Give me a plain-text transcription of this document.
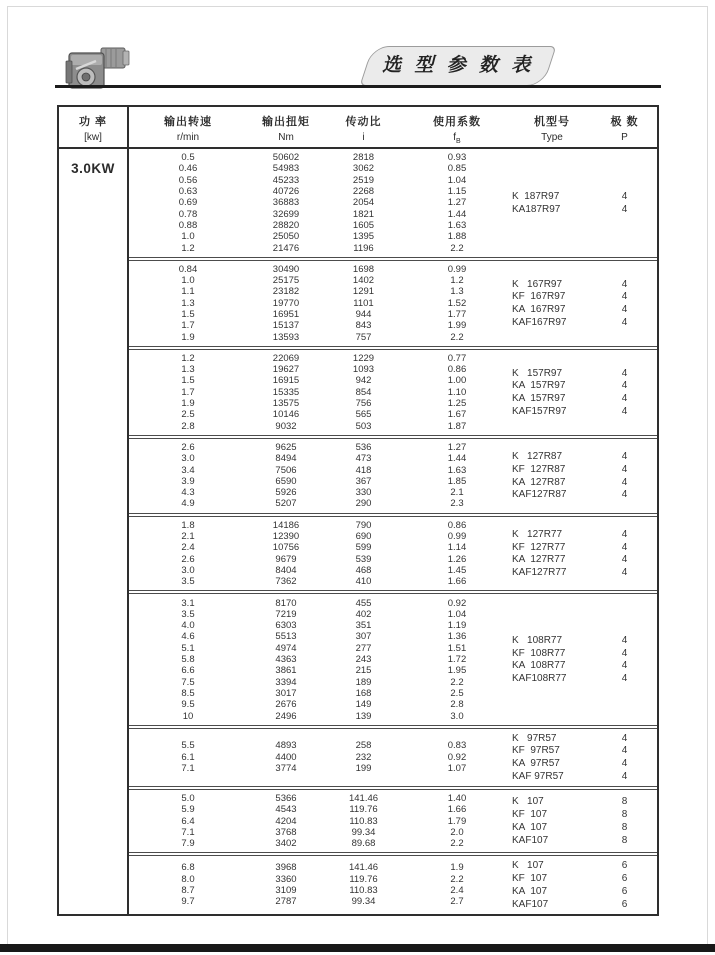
选 型 参 数 表
功 率
[kw]
输出转速
r/min
输出扭矩
Nm
传动比
i
使用系数
$f_B$
机型号
Type
极 数
P
3.0KW
0.5	50602	2818	0.93
0.46	54983	3062	0.85
0.56	45233	2519	1.04
0.63	40726	2268	1.15
0.69	36883	2054	1.27
0.78	32699	1821	1.44
0.88	28820	1605	1.63
1.0	25050	1395	1.88
1.2	21476	1196	2.2
K  187R97	4
KA187R97	4
0.84	30490	1698	0.99
1.0	25175	1402	1.2
1.1	23182	1291	1.3
1.3	19770	1101	1.52
1.5	16951	944	1.77
1.7	15137	843	1.99
1.9	13593	757	2.2
K   167R97	4
KF  167R97	4
KA  167R97	4
KAF167R97	4
1.2	22069	1229	0.77
1.3	19627	1093	0.86
1.5	16915	942	1.00
1.7	15335	854	1.10
1.9	13575	756	1.25
2.5	10146	565	1.67
2.8	9032	503	1.87
K   157R97	4
KA  157R97	4
KA  157R97	4
KAF157R97	4
2.6	9625	536	1.27
3.0	8494	473	1.44
3.4	7506	418	1.63
3.9	6590	367	1.85
4.3	5926	330	2.1
4.9	5207	290	2.3
K   127R87	4
KF  127R87	4
KA  127R87	4
KAF127R87	4
1.8	14186	790	0.86
2.1	12390	690	0.99
2.4	10756	599	1.14
2.6	9679	539	1.26
3.0	8404	468	1.45
3.5	7362	410	1.66
K   127R77	4
KF  127R77	4
KA  127R77	4
KAF127R77	4
3.1	8170	455	0.92
3.5	7219	402	1.04
4.0	6303	351	1.19
4.6	5513	307	1.36
5.1	4974	277	1.51
5.8	4363	243	1.72
6.6	3861	215	1.95
7.5	3394	189	2.2
8.5	3017	168	2.5
9.5	2676	149	2.8
10	2496	139	3.0
K   108R77	4
KF  108R77	4
KA  108R77	4
KAF108R77	4
5.5	4893	258	0.83
6.1	4400	232	0.92
7.1	3774	199	1.07
K   97R57	4
KF  97R57	4
KA  97R57	4
KAF 97R57	4
5.0	5366	141.46	1.40
5.9	4543	119.76	1.66
6.4	4204	110.83	1.79
7.1	3768	99.34	2.0
7.9	3402	89.68	2.2
K   107	8
KF  107	8
KA  107	8
KAF107	8
6.8	3968	141.46	1.9
8.0	3360	119.76	2.2
8.7	3109	110.83	2.4
9.7	2787	99.34	2.7
K   107	6
KF  107	6
KA  107	6
KAF107	6
